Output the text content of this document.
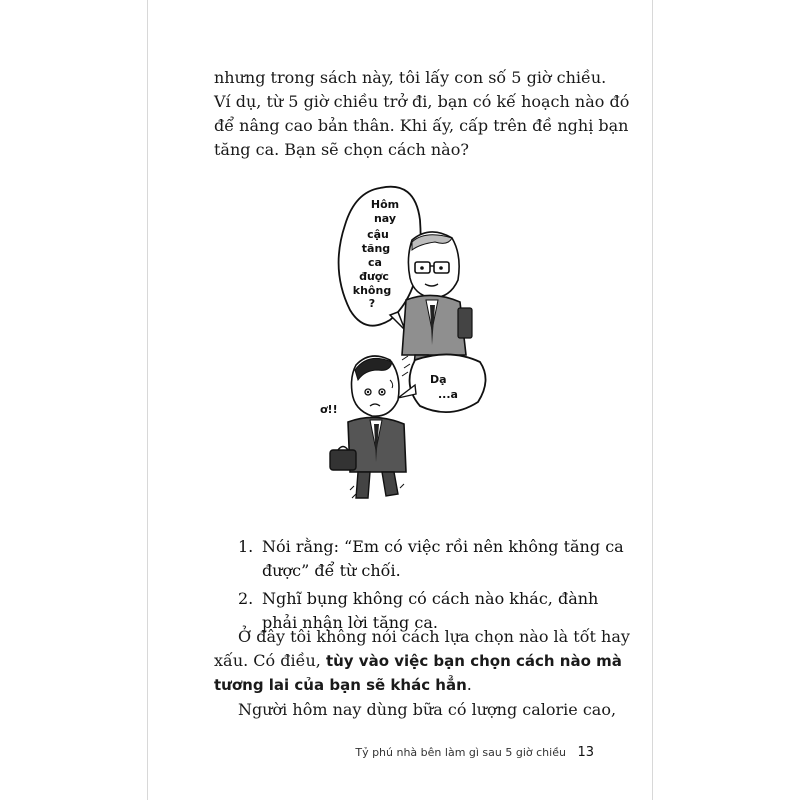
nhưng trong sách này, tôi lấy con số 5 giờ chiều.
Ví dụ, từ 5 giờ chiều trở đi, bạn có kế hoạch nào đó
để nâng cao bản thân. Khi ấy, cấp trên đề nghị bạn
tăng ca. Bạn sẽ chọn cách nào?

Hôm
nay
cậu
tăng
ca
được
không
?
Dạ
...a
ơ!!
1. Nói rằng: “Em có việc rồi nên không tăng ca
được” để từ chối.
2. Nghĩ bụng không có cách nào khác, đành
phải nhận lời tăng ca.

Ở đây tôi không nói cách lựa chọn nào là tốt hay
xấu. Có điều, tùy vào việc bạn chọn cách nào mà
tương lai của bạn sẽ khác hẳn.

Người hôm nay dùng bữa có lượng calorie cao,

Tỷ phú nhà bên làm gì sau 5 giờ chiều 13
